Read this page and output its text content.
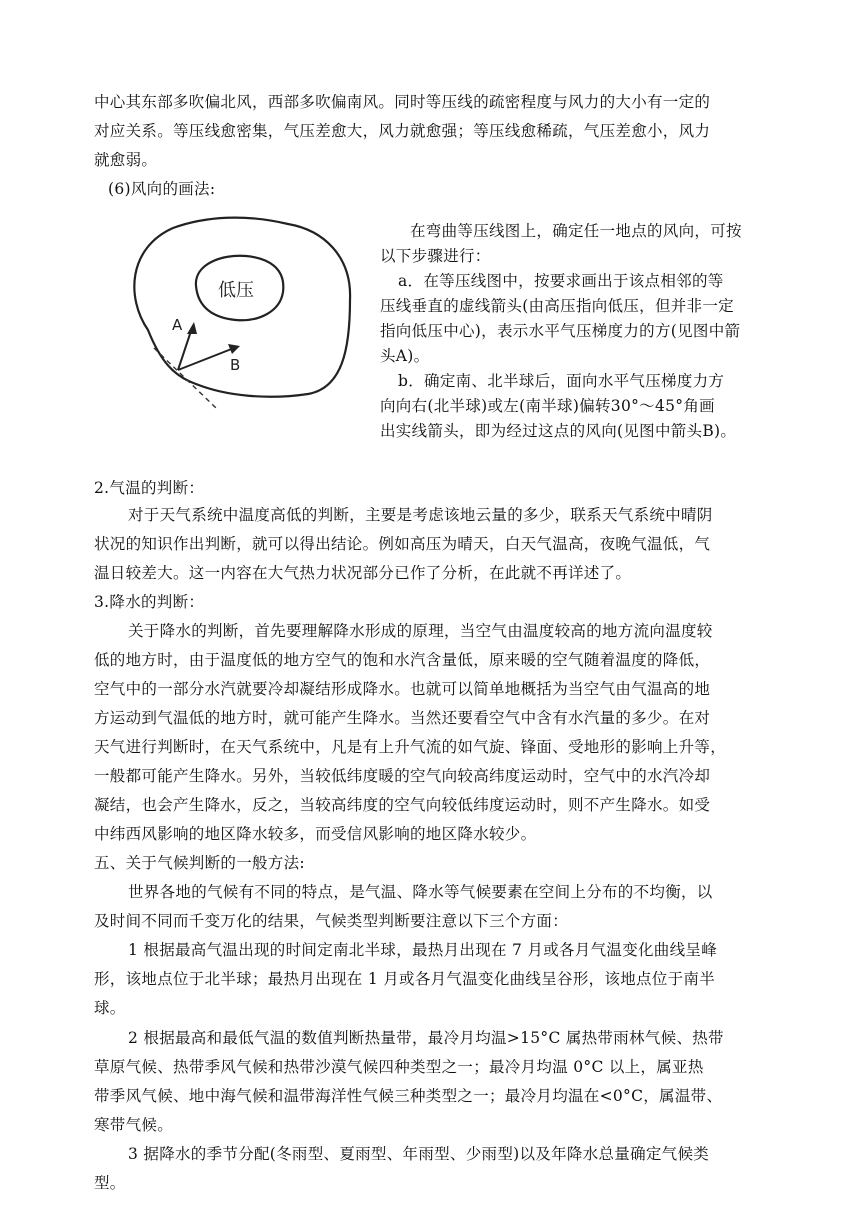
中心其东部多吹偏北风，西部多吹偏南风。同时等压线的疏密程度与风力的大小有一定的
对应关系。等压线愈密集，气压差愈大，风力就愈强；等压线愈稀疏，气压差愈小，风力
就愈弱。
(6)风向的画法:
低压
A
B
在弯曲等压线图上，确定任一地点的风向，可按
以下步骤进行：
a．在等压线图中，按要求画出于该点相邻的等
压线垂直的虚线箭头(由高压指向低压，但并非一定
指向低压中心)，表示水平气压梯度力的方(见图中箭
头A)。
b．确定南、北半球后，面向水平气压梯度力方
向向右(北半球)或左(南半球)偏转30°～45°角画
出实线箭头，即为经过这点的风向(见图中箭头B)。
2.气温的判断：
对于天气系统中温度高低的判断，主要是考虑该地云量的多少，联系天气系统中晴阴
状况的知识作出判断，就可以得出结论。例如高压为晴天，白天气温高，夜晚气温低，气
温日较差大。这一内容在大气热力状况部分已作了分析，在此就不再详述了。
3.降水的判断：
关于降水的判断，首先要理解降水形成的原理，当空气由温度较高的地方流向温度较
低的地方时，由于温度低的地方空气的饱和水汽含量低，原来暖的空气随着温度的降低，
空气中的一部分水汽就要冷却凝结形成降水。也就可以简单地概括为当空气由气温高的地
方运动到气温低的地方时，就可能产生降水。当然还要看空气中含有水汽量的多少。在对
天气进行判断时，在天气系统中，凡是有上升气流的如气旋、锋面、受地形的影响上升等，
一般都可能产生降水。另外，当较低纬度暖的空气向较高纬度运动时，空气中的水汽冷却
凝结，也会产生降水，反之，当较高纬度的空气向较低纬度运动时，则不产生降水。如受
中纬西风影响的地区降水较多，而受信风影响的地区降水较少。
五、关于气候判断的一般方法:
世界各地的气候有不同的特点，是气温、降水等气候要素在空间上分布的不均衡，以
及时间不同而千变万化的结果，气候类型判断要注意以下三个方面：
1 根据最高气温出现的时间定南北半球，最热月出现在 7 月或各月气温变化曲线呈峰
形，该地点位于北半球；最热月出现在 1 月或各月气温变化曲线呈谷形，该地点位于南半
球。
2 根据最高和最低气温的数值判断热量带，最冷月均温>15°C 属热带雨林气候、热带
草原气候、热带季风气候和热带沙漠气候四种类型之一；最冷月均温 0°C 以上，属亚热
带季风气候、地中海气候和温带海洋性气候三种类型之一；最冷月均温在<0°C，属温带、
寒带气候。
3 据降水的季节分配(冬雨型、夏雨型、年雨型、少雨型)以及年降水总量确定气候类
型。
